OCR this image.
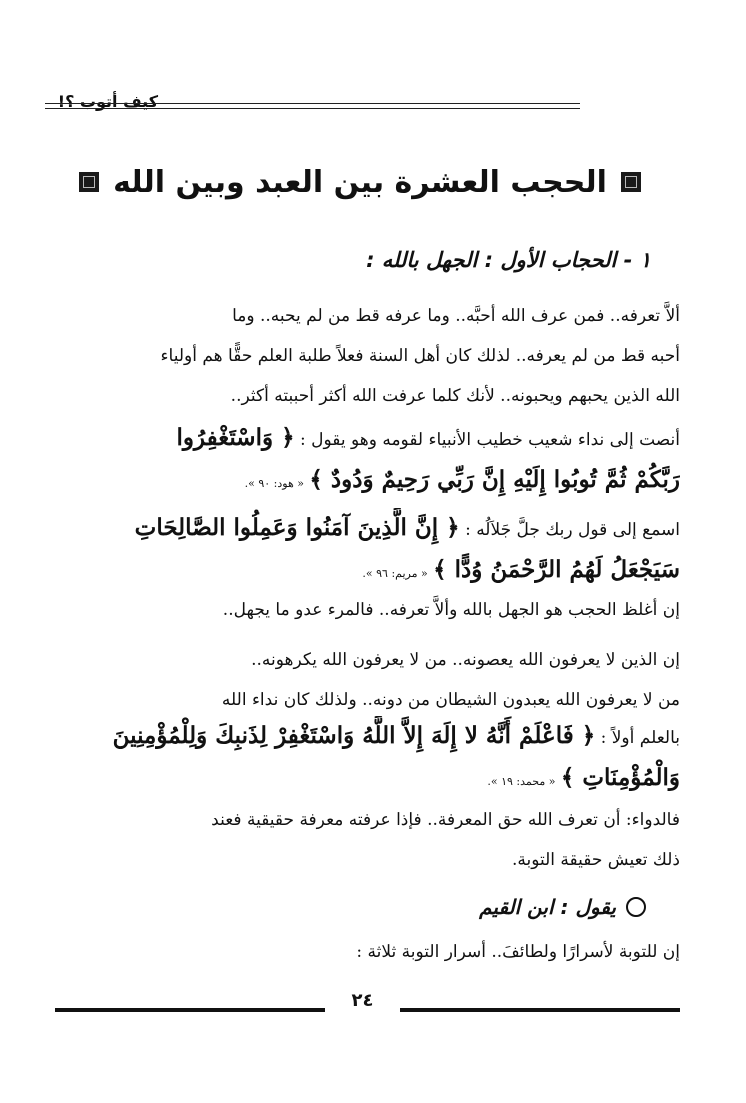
كيف أتوب ؟!
الحجب العشرة بين العبد وبين الله
١ - الحجاب الأول : الجهل بالله :
ألاَّ تعرفه.. فمن عرف الله أحبَّه.. وما عرفه قط من لم يحبه.. وما
أحبه قط من لم يعرفه.. لذلك كان أهل السنة فعلاً طلبة العلم حقًّا هم أولياء
الله الذين يحبهم ويحبونه.. لأنك كلما عرفت الله أكثر أحببته أكثر..
أنصت إلى نداء شعيب خطيب الأنبياء لقومه وهو يقول : ﴿ وَاسْتَغْفِرُوا
رَبَّكُمْ ثُمَّ تُوبُوا إِلَيْهِ إِنَّ رَبِّي رَحِيمٌ وَدُودٌ ﴾ « هود: ٩٠ ».
اسمع إلى قول ربك جلَّ جَلاَلُه : ﴿ إِنَّ الَّذِينَ آمَنُوا وَعَمِلُوا الصَّالِحَاتِ
سَيَجْعَلُ لَهُمُ الرَّحْمَنُ وُدًّا ﴾ « مريم: ٩٦ ».
إن أغلظ الحجب هو الجهل بالله وألاَّ تعرفه.. فالمرء عدو ما يجهل..
إن الذين لا يعرفون الله يعصونه.. من لا يعرفون الله يكرهونه..
من لا يعرفون الله يعبدون الشيطان من دونه.. ولذلك كان نداء الله
بالعلم أولاً : ﴿ فَاعْلَمْ أَنَّهُ لا إِلَهَ إِلاَّ اللَّهُ وَاسْتَغْفِرْ لِذَنبِكَ وَلِلْمُؤْمِنِينَ
وَالْمُؤْمِنَاتِ ﴾ « محمد: ١٩ ».
فالدواء: أن تعرف الله حق المعرفة.. فإذا عرفته معرفة حقيقية فعند
ذلك تعيش حقيقة التوبة.
يقول : ابن القيم
إن للتوبة لأسرارًا ولطائفَ.. أسرار التوبة ثلاثة :
٢٤
